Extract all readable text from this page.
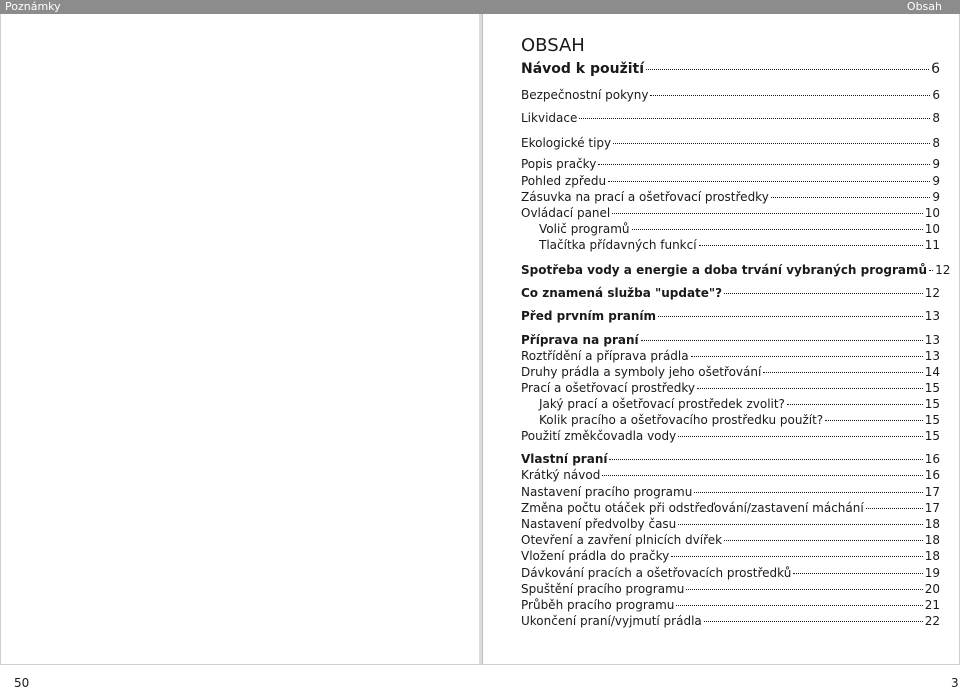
Poznámky	Obsah
50	3
OBSAH
Návod k použití	6
Bezpečnostní pokyny	6
Likvidace	8
Ekologické tipy	8
Popis pračky	9
Pohled zpředu	9
Zásuvka na prací a ošetřovací prostředky	9
Ovládací panel	10
Volič programů	10
Tlačítka přídavných funkcí	11
Spotřeba vody a energie a doba trvání vybraných programů 12
Co znamená služba "update"?	12
Před prvním praním	13
Příprava na praní	13
Roztřídění a příprava prádla	13
Druhy prádla a symboly jeho ošetřování	14
Prací a ošetřovací prostředky	15
Jaký prací a ošetřovací prostředek zvolit?	15
Kolik pracího a ošetřovacího prostředku použít?	15
Použití změkčovadla vody	15
Vlastní praní	16
Krátký návod	16
Nastavení pracího programu	17
Změna počtu otáček při odstřeďování/zastavení máchání	17
Nastavení předvolby času	18
Otevření a zavření plnicích dvířek	18
Vložení prádla do pračky	18
Dávkování pracích a ošetřovacích prostředků	19
Spuštění pracího programu	20
Průběh pracího programu	21
Ukončení praní/vyjmutí prádla	22
